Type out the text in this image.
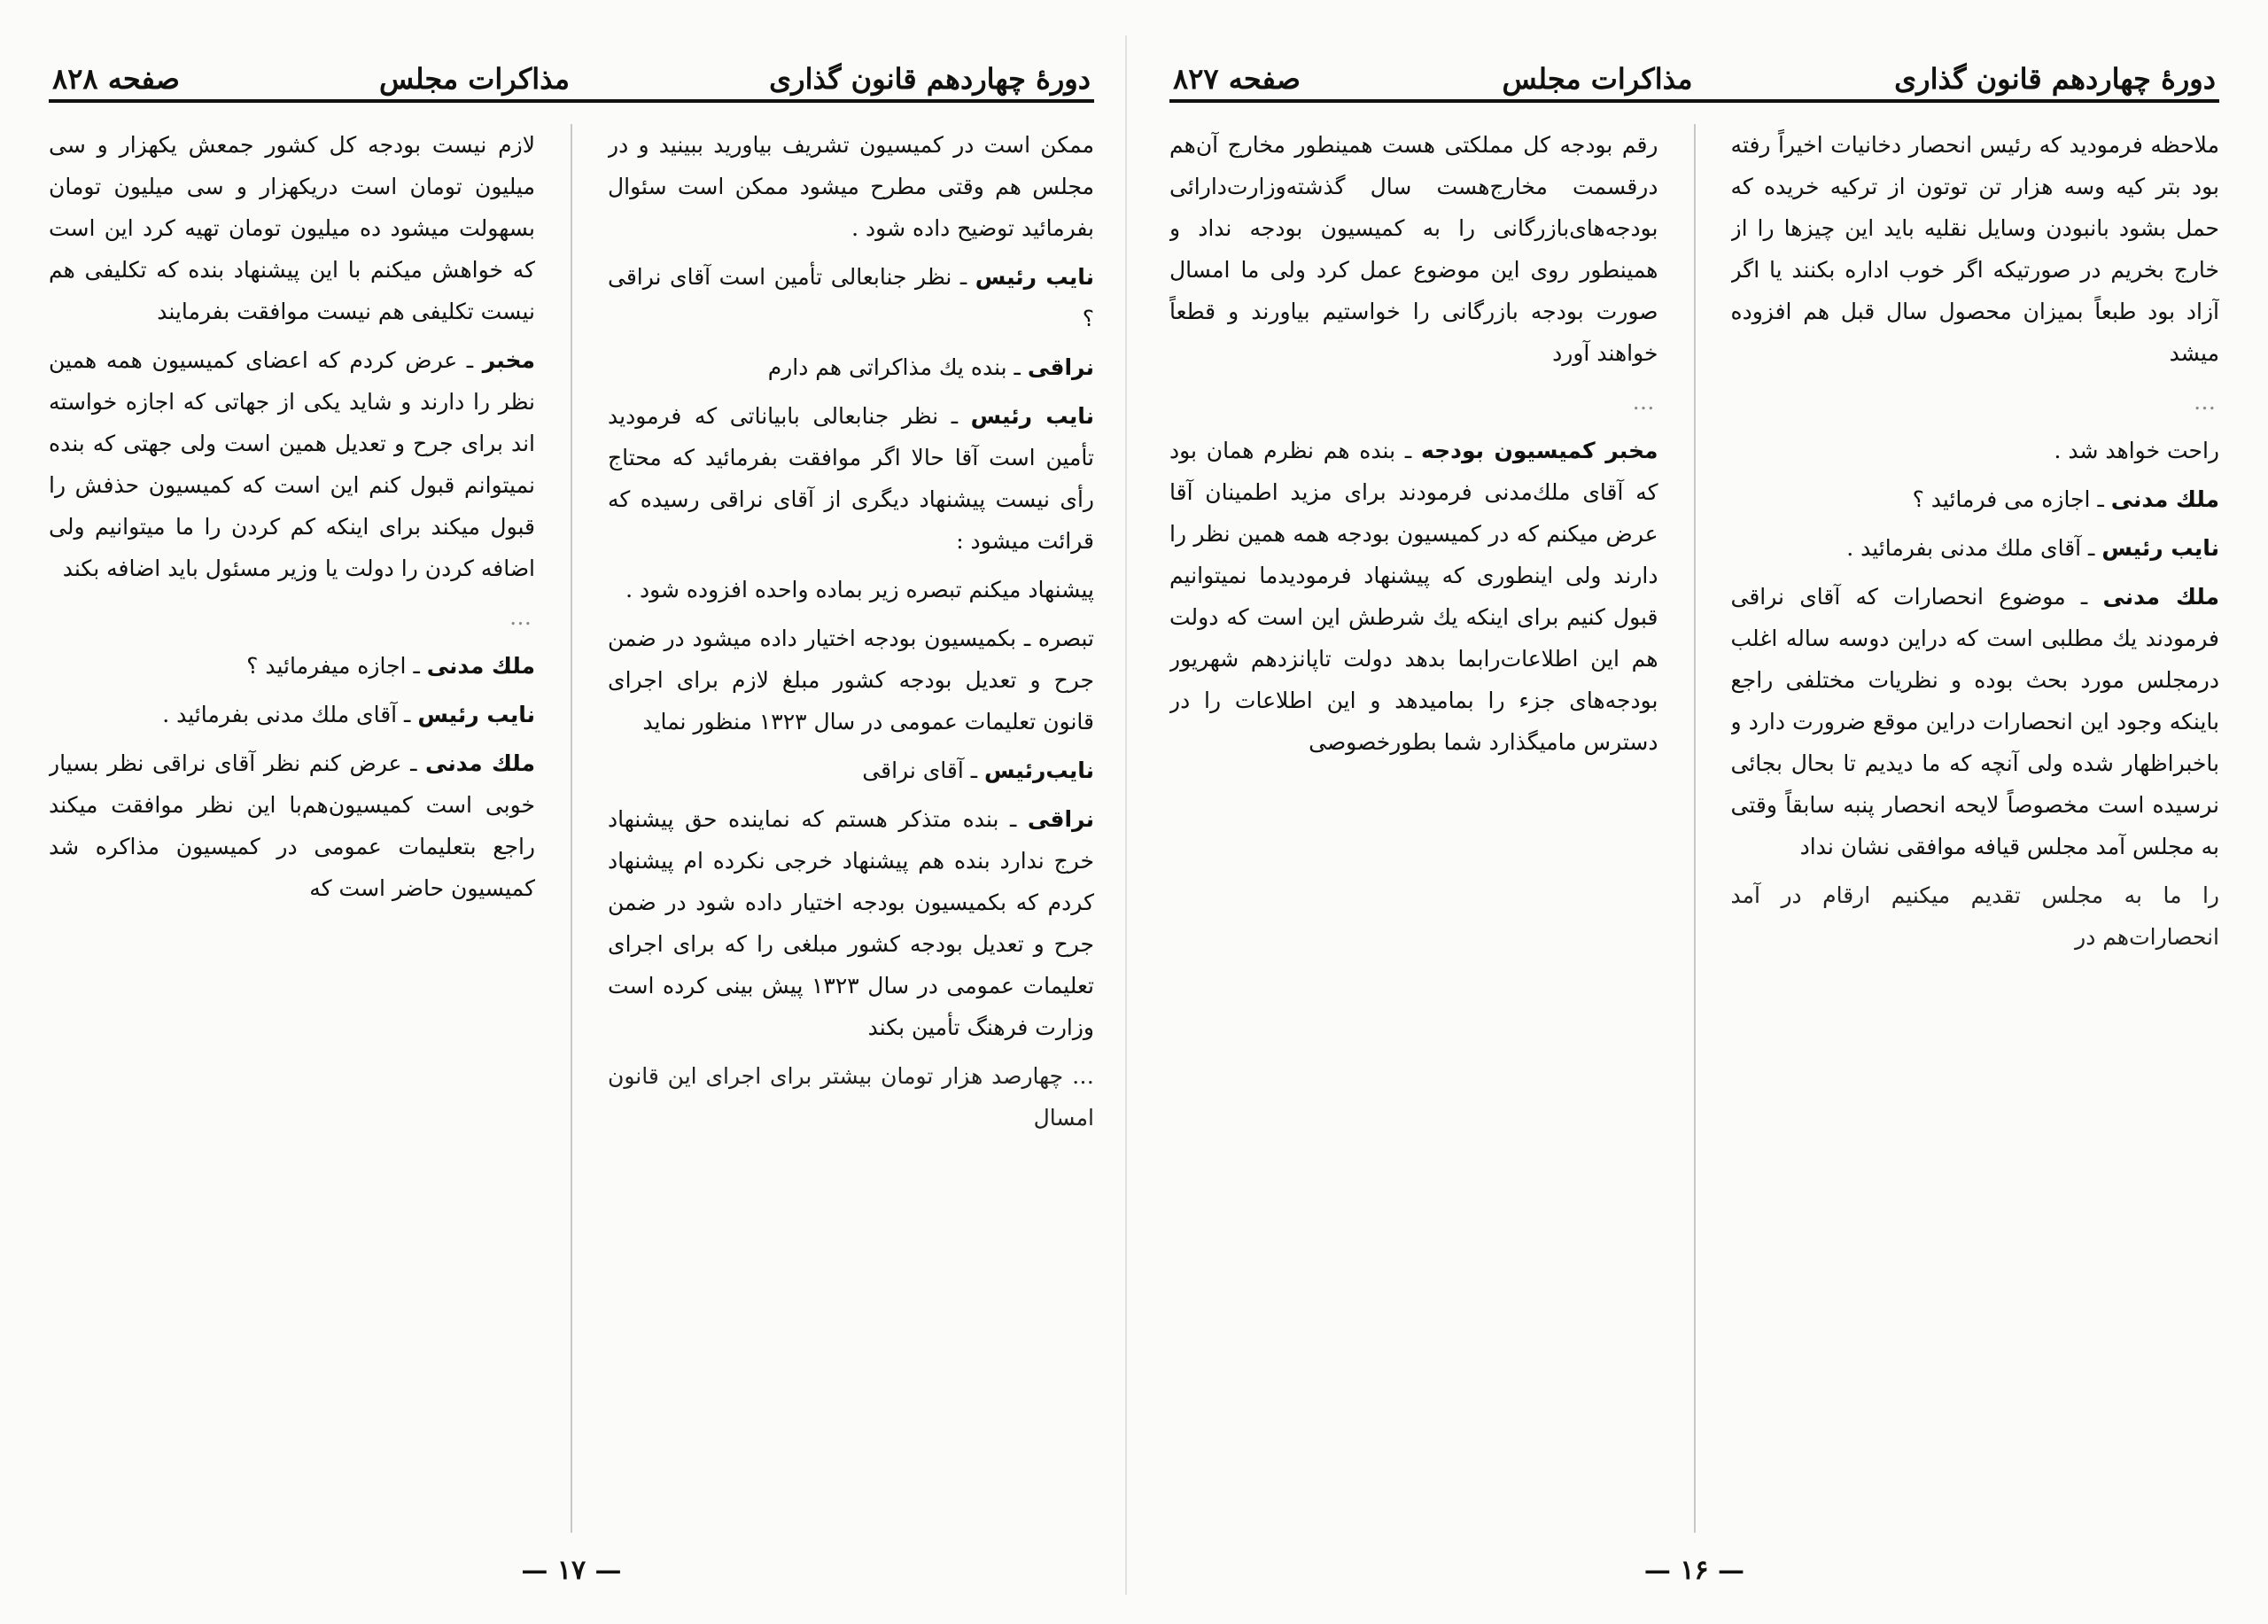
دورهٔ چهاردهم قانون گذاری
مذاکرات مجلس
صفحه ۸۲۸

ممکن است در کمیسیون تشریف بیاورید ببینید و در مجلس هم وقتی مطرح میشود ممکن است سئوال بفرمائید توضیح داده شود .

نایب رئیس ـ نظر جنابعالی تأمین است آقای نراقی ؟

نراقی ـ بنده یك مذاکراتی هم دارم

نایب رئیس ـ نظر جنابعالی بابیاناتی که فرمودید تأمین است آقا حالا اگر موافقت بفرمائید که محتاج رأی نیست پیشنهاد دیگری از آقای نراقی رسیده که قرائت میشود :

پیشنهاد میکنم تبصره زیر بماده واحده افزوده شود .

تبصره ـ بکمیسیون بودجه اختیار داده میشود در ضمن جرح و تعدیل بودجه کشور مبلغ لازم برای اجرای قانون تعلیمات عمومی در سال ۱۳۲۳ منظور نماید

نایب‌رئیس ـ آقای نراقی

نراقی ـ بنده متذکر هستم که نماینده حق پیشنهاد خرج ندارد بنده هم پیشنهاد خرجی نکرده ام پیشنهاد کردم که بکمیسیون بودجه اختیار داده شود در ضمن جرح و تعدیل بودجه کشور مبلغی را که برای اجرای تعلیمات عمومی در سال ۱۳۲۳ پیش بینی کرده است وزارت فرهنگ تأمین بکند

… چهارصد هزار تومان بیشتر برای اجرای این قانون امسال

لازم نیست بودجه کل کشور جمعش یکهزار و سی میلیون تومان است دریکهزار و سی میلیون تومان بسهولت میشود ده میلیون تومان تهیه کرد این است که خواهش میکنم با این پیشنهاد بنده که تکلیفی هم نیست تکلیفی هم نیست موافقت بفرمایند

مخبر ـ عرض کردم که اعضای کمیسیون همه همین نظر را دارند و شاید یکی از جهاتی که اجازه خواسته اند برای جرح و تعدیل همین است ولی جهتی که بنده نمیتوانم قبول کنم این است که کمیسیون حذفش را قبول میکند برای اینکه کم کردن را ما میتوانیم ولی اضافه کردن را دولت یا وزیر مسئول باید اضافه بکند

…

ملك مدنی ـ اجازه میفرمائید ؟

نایب رئیس ـ آقای ملك مدنی بفرمائید .

ملك مدنی ـ عرض کنم نظر آقای نراقی نظر بسیار خوبی است کمیسیون‌هم‌با این نظر موافقت میکند راجع بتعلیمات عمومی در کمیسیون مذاکره شد کمیسیون حاضر است که

— ۱۷ —
دورهٔ چهاردهم قانون گذاری
مذاکرات مجلس
صفحه ۸۲۷

ملاحظه فرمودید که رئیس انحصار دخانیات اخیراً رفته بود بتر کیه وسه هزار تن توتون از ترکیه خریده که حمل بشود بانبودن وسایل نقلیه باید این چیزها را از خارج بخریم در صورتیکه اگر خوب اداره بکنند یا اگر آزاد بود طبعاً بمیزان محصول سال قبل هم افزوده میشد

…

راحت خواهد شد .

ملك مدنی ـ اجازه می فرمائید ؟

نایب رئیس ـ آقای ملك مدنی بفرمائید .

ملك مدنی ـ موضوع انحصارات که آقای نراقی فرمودند یك مطلبی است که دراین دوسه ساله اغلب درمجلس مورد بحث بوده و نظریات مختلفی راجع باینکه وجود این انحصارات دراین موقع ضرورت دارد و باخبراظهار شده ولی آنچه که ما دیدیم تا بحال بجائی نرسیده است مخصوصاً لایحه انحصار پنبه سابقاً وقتی به مجلس آمد مجلس قیافه موافقی نشان نداد

را ما به مجلس تقدیم میکنیم ارقام در آمد انحصارات‌هم در

رقم بودجه کل مملکتی هست همینطور مخارج آن‌هم درقسمت مخارج‌هست سال گذشته‌وزارت‌دارائی بودجه‌های‌بازرگانی را به کمیسیون بودجه نداد و همینطور روی این موضوع عمل کرد ولی ما امسال صورت بودجه بازرگانی را خواستیم بیاورند و قطعاً خواهند آورد

…

مخبر کمیسیون بودجه ـ بنده هم نظرم همان بود که آقای ملك‌مدنی فرمودند برای مزید اطمینان آقا عرض میکنم که در کمیسیون بودجه همه همین نظر را دارند ولی اینطوری که پیشنهاد فرمودید‌ما نمیتوانیم قبول کنیم برای اینکه یك شرطش این است که دولت هم این اطلاعات‌را‌بما بدهد دولت تاپانزدهم شهریور بودجه‌های جزء را بمامیدهد و این اطلاعات را در دسترس ماميگذارد شما بطورخصوصی

— ۱۶ —
